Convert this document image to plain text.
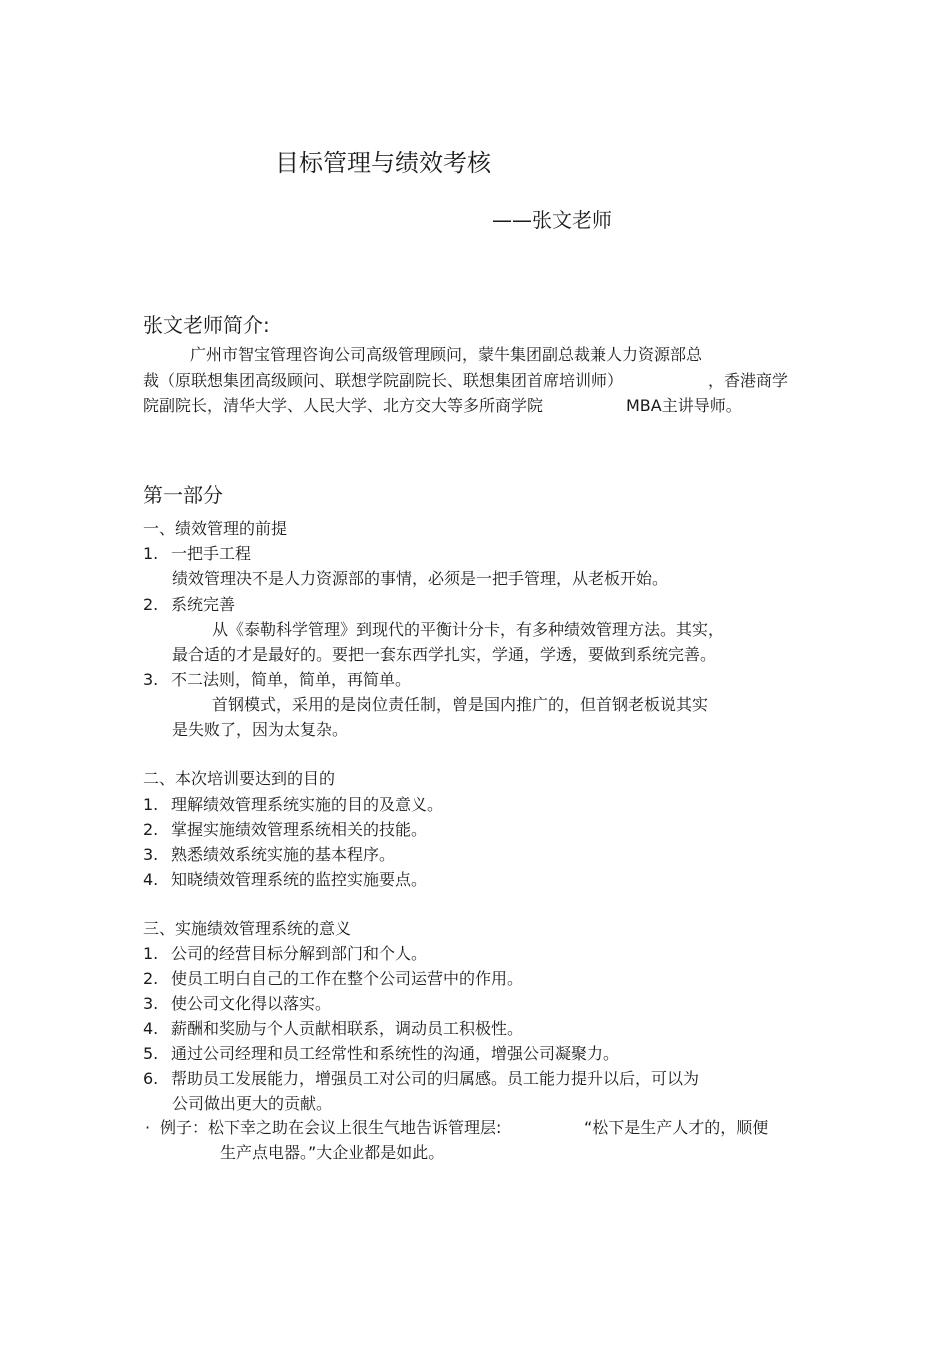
目标管理与绩效考核
——张文老师
张文老师简介:
广州市智宝管理咨询公司高级管理顾问，蒙牛集团副总裁兼人力资源部总
裁（原联想集团高级顾问、联想学院副院长、联想集团首席培训师）	，香港商学
院副院长，清华大学、人民大学、北方交大等多所商学院	MBA主讲导师。
第一部分
一、绩效管理的前提
1. 一把手工程
绩效管理决不是人力资源部的事情，必须是一把手管理，从老板开始。
2. 系统完善
从《泰勒科学管理》到现代的平衡计分卡，有多种绩效管理方法。其实，
最合适的才是最好的。要把一套东西学扎实，学通，学透，要做到系统完善。
3. 不二法则，简单，简单，再简单。
首钢模式，采用的是岗位责任制，曾是国内推广的，但首钢老板说其实
是失败了，因为太复杂。
二、本次培训要达到的目的
1. 理解绩效管理系统实施的目的及意义。
2. 掌握实施绩效管理系统相关的技能。
3. 熟悉绩效系统实施的基本程序。
4. 知晓绩效管理系统的监控实施要点。
三、实施绩效管理系统的意义
1. 公司的经营目标分解到部门和个人。
2. 使员工明白自己的工作在整个公司运营中的作用。
3. 使公司文化得以落实。
4. 薪酬和奖励与个人贡献相联系，调动员工积极性。
5. 通过公司经理和员工经常性和系统性的沟通，增强公司凝聚力。
6. 帮助员工发展能力，增强员工对公司的归属感。员工能力提升以后，可以为
公司做出更大的贡献。
· 例子：松下幸之助在会议上很生气地告诉管理层:	“松下是生产人才的，顺便
生产点电器。”大企业都是如此。
